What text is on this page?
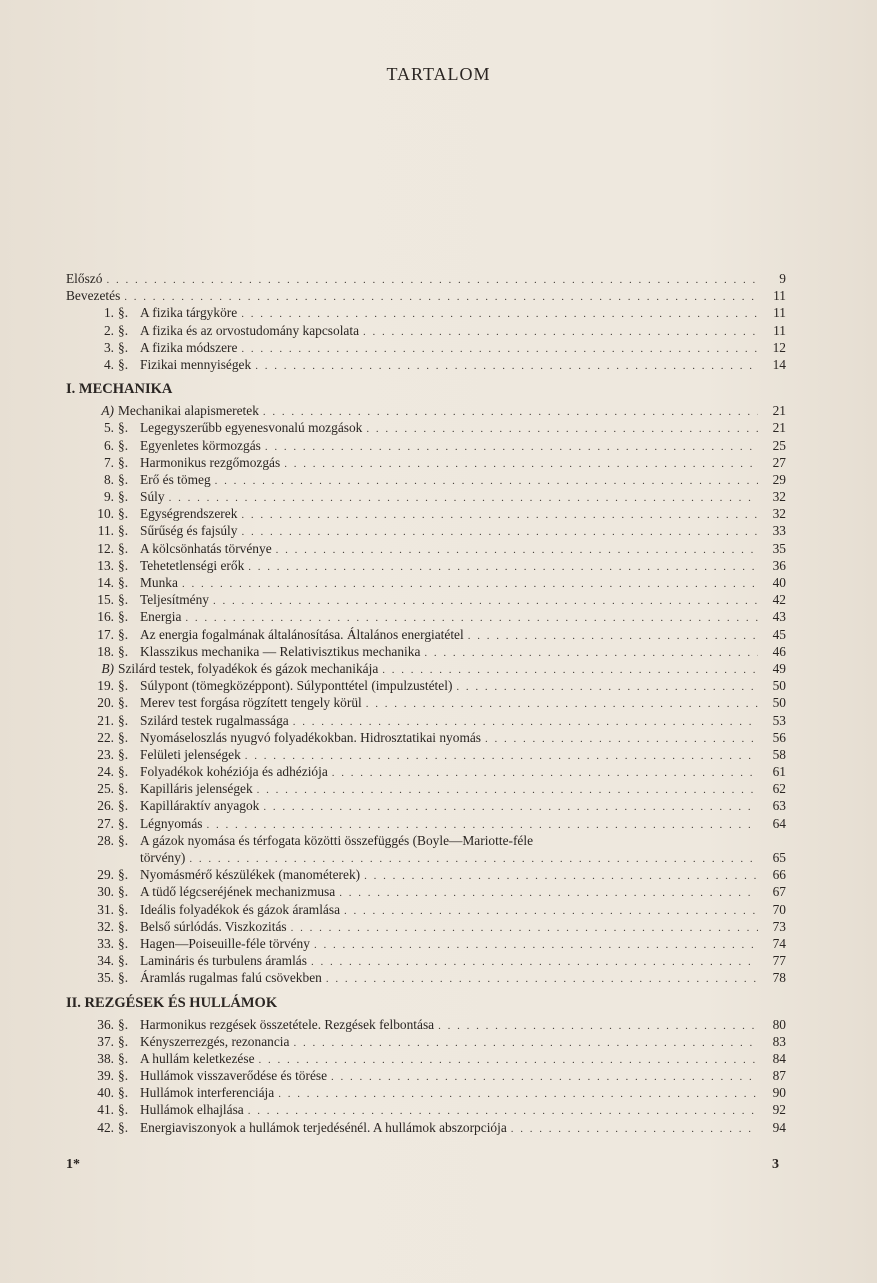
TARTALOM
Előszó . . .	9
Bevezetés . . .	11
1. §. A fizika tárgyköre . . .	11
2. §. A fizika és az orvostudomány kapcsolata . . .	11
3. §. A fizika módszere . . .	12
4. §. Fizikai mennyiségek . . .	14
I. MECHANIKA
A) Mechanikai alapismeretek . . .	21
5. §. Legegyszerűbb egyenesvonalú mozgások . . .	21
6. §. Egyenletes körmozgás . . .	25
7. §. Harmonikus rezgőmozgás . . .	27
8. §. Erő és tömeg . . .	29
9. §. Súly . . .	32
10. §. Egységrendszerek . . .	32
11. §. Sűrűség és fajsúly . . .	33
12. §. A kölcsönhatás törvénye . . .	35
13. §. Tehetetlenségi erők . . .	36
14. §. Munka . . .	40
15. §. Teljesítmény . . .	42
16. §. Energia . . .	43
17. §. Az energia fogalmának általánosítása. Általános energiatétel . . .	45
18. §. Klasszikus mechanika — Relativisztikus mechanika . . .	46
B) Szilárd testek, folyadékok és gázok mechanikája . . .	49
19. §. Súlypont (tömegközéppont). Súlyponttétel (impulzustétel) . . .	50
20. §. Merev test forgása rögzített tengely körül . . .	50
21. §. Szilárd testek rugalmassága . . .	53
22. §. Nyomáseloszlás nyugvó folyadékokban. Hidrosztatikai nyomás . . .	56
23. §. Felületi jelenségek . . .	58
24. §. Folyadékok kohéziója és adhéziója . . .	61
25. §. Kapilláris jelenségek . . .	62
26. §. Kapilláraktív anyagok . . .	63
27. §. Légnyomás . . .	64
28. §. A gázok nyomása és térfogata közötti összefüggés (Boyle—Mariotte-féle
törvény) . . .	65
29. §. Nyomásmérő készülékek (manométerek) . . .	66
30. §. A tüdő légcseréjének mechanizmusa . . .	67
31. §. Ideális folyadékok és gázok áramlása . . .	70
32. §. Belső súrlódás. Viszkozitás . . .	73
33. §. Hagen—Poiseuille-féle törvény . . .	74
34. §. Lamináris és turbulens áramlás . . .	77
35. §. Áramlás rugalmas falú csövekben . . .	78
II. REZGÉSEK ÉS HULLÁMOK
36. §. Harmonikus rezgések összetétele. Rezgések felbontása . . .	80
37. §. Kényszerrezgés, rezonancia . . .	83
38. §. A hullám keletkezése . . .	84
39. §. Hullámok visszaverődése és törése . . .	87
40. §. Hullámok interferenciája . . .	90
41. §. Hullámok elhajlása . . .	92
42. §. Energiaviszonyok a hullámok terjedésénél. A hullámok abszorpciója . . .	94
1*	3
